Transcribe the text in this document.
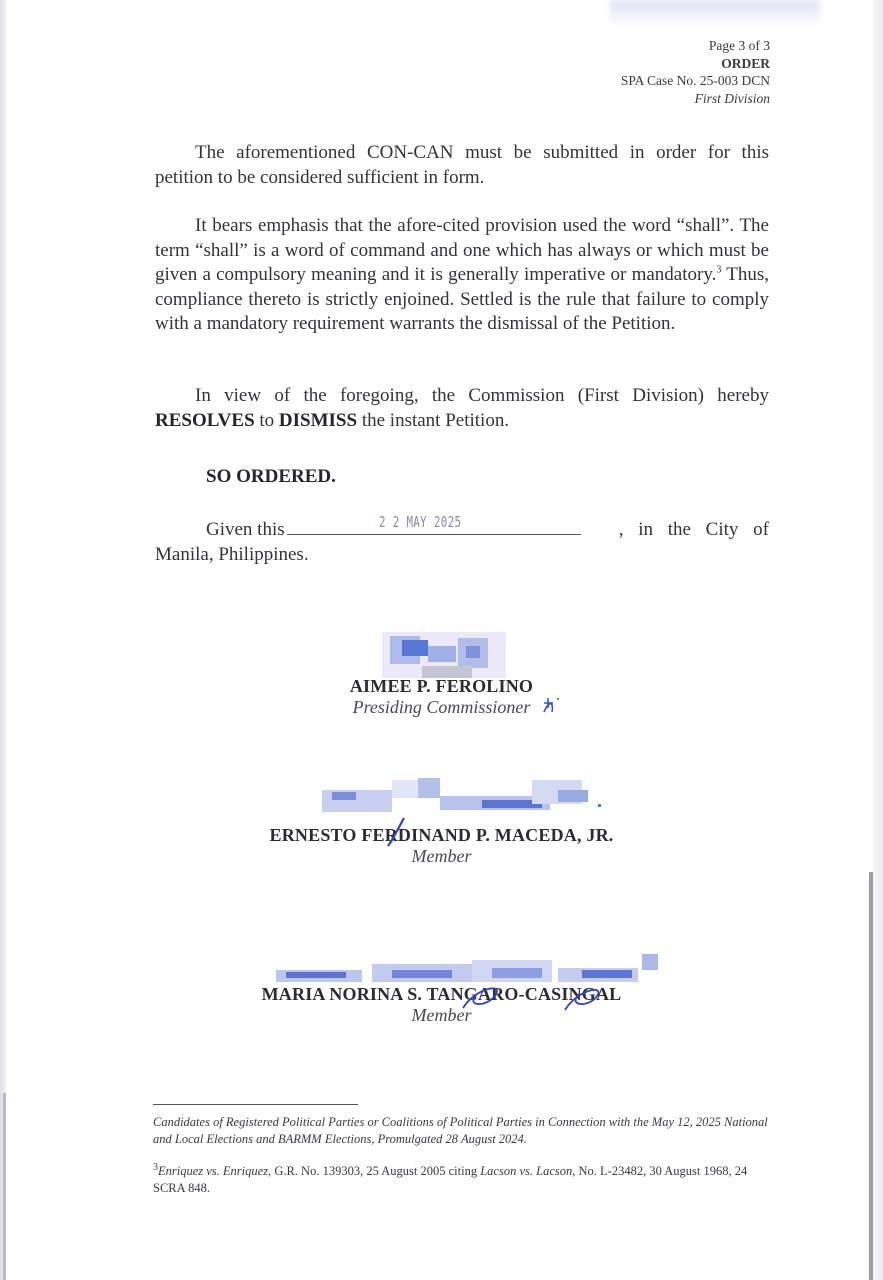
Page 3 of 3
ORDER
SPA Case No. 25-003 DCN
First Division
The aforementioned CON-CAN must be submitted in order for this petition to be considered sufficient in form.
It bears emphasis that the afore-cited provision used the word “shall”. The term “shall” is a word of command and one which has always or which must be given a compulsory meaning and it is generally imperative or mandatory.$^3$ Thus, compliance thereto is strictly enjoined. Settled is the rule that failure to comply with a mandatory requirement warrants the dismissal of the Petition.
In view of the foregoing, the Commission (First Division) hereby RESOLVES to DISMISS the instant Petition.
SO ORDERED.
Given this	2 2 MAY 2025	, in the City of
Manila, Philippines.
AIMEE P. FEROLINO
Presiding Commissioner
ERNESTO FERDINAND P. MACEDA, JR.
Member
MARIA NORINA S. TANGARO-CASINGAL
Member
Candidates of Registered Political Parties or Coalitions of Political Parties in Connection with the May 12, 2025 National and Local Elections and BARMM Elections, Promulgated 28 August 2024.
$^3$Enriquez vs. Enriquez, G.R. No. 139303, 25 August 2005 citing Lacson vs. Lacson, No. L-23482, 30 August 1968, 24 SCRA 848.
